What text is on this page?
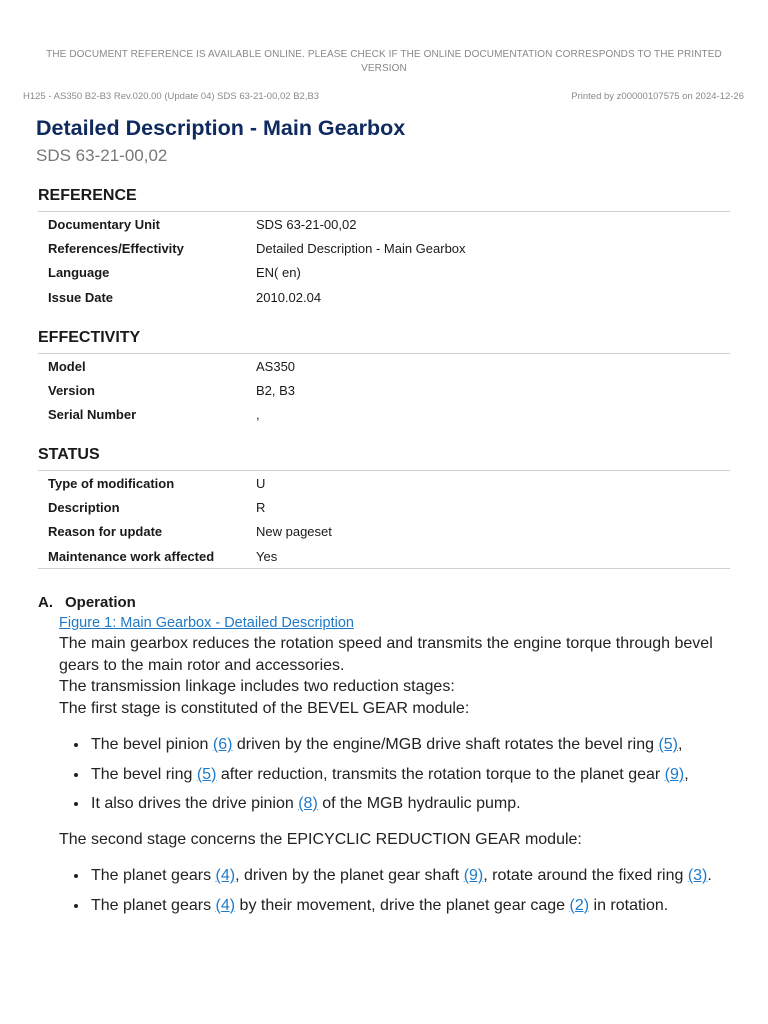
THE DOCUMENT REFERENCE IS AVAILABLE ONLINE. PLEASE CHECK IF THE ONLINE DOCUMENTATION CORRESPONDS TO THE PRINTED VERSION
H125 - AS350 B2-B3 Rev.020.00 (Update 04) SDS 63-21-00,02 B2,B3	Printed by z00000107575 on 2024-12-26
Detailed Description - Main Gearbox
SDS 63-21-00,02
REFERENCE
Documentary Unit	SDS 63-21-00,02
References/Effectivity	Detailed Description - Main Gearbox
Language	EN( en)
Issue Date	2010.02.04
EFFECTIVITY
Model	AS350
Version	B2, B3
Serial Number	,
STATUS
Type of modification	U
Description	R
Reason for update	New pageset
Maintenance work affected	Yes
A. Operation
Figure 1: Main Gearbox - Detailed Description

The main gearbox reduces the rotation speed and transmits the engine torque through bevel gears to the main rotor and accessories.

The transmission linkage includes two reduction stages:

The first stage is constituted of the BEVEL GEAR module:

• The bevel pinion (6) driven by the engine/MGB drive shaft rotates the bevel ring (5),
• The bevel ring (5) after reduction, transmits the rotation torque to the planet gear (9),
• It also drives the drive pinion (8) of the MGB hydraulic pump.

The second stage concerns the EPICYCLIC REDUCTION GEAR module:

• The planet gears (4), driven by the planet gear shaft (9), rotate around the fixed ring (3).
• The planet gears (4) by their movement, drive the planet gear cage (2) in rotation.
